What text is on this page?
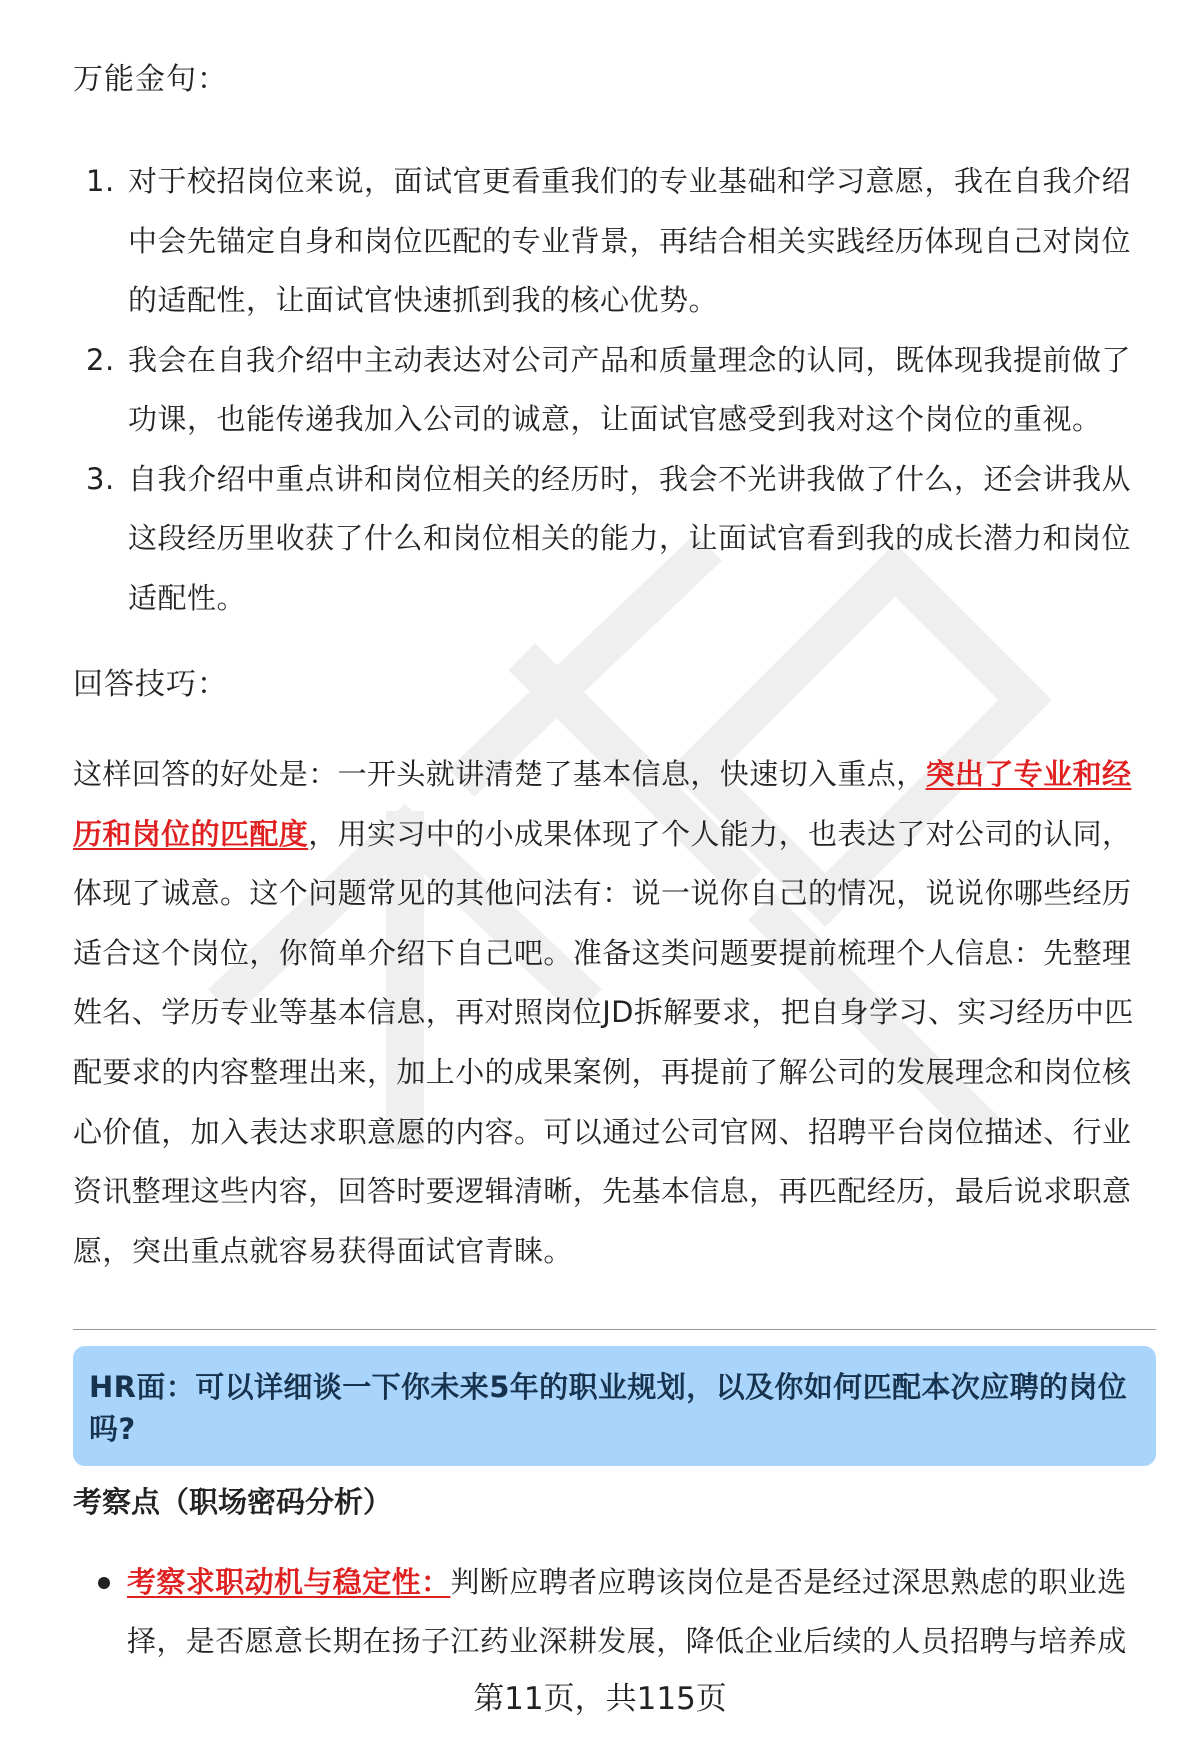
万能金句：
1. 对于校招岗位来说，面试官更看重我们的专业基础和学习意愿，我在自我介绍中会先锚定自身和岗位匹配的专业背景，再结合相关实践经历体现自己对岗位的适配性，让面试官快速抓到我的核心优势。
2. 我会在自我介绍中主动表达对公司产品和质量理念的认同，既体现我提前做了功课，也能传递我加入公司的诚意，让面试官感受到我对这个岗位的重视。
3. 自我介绍中重点讲和岗位相关的经历时，我会不光讲我做了什么，还会讲我从这段经历里收获了什么和岗位相关的能力，让面试官看到我的成长潜力和岗位适配性。
回答技巧：

这样回答的好处是：一开头就讲清楚了基本信息，快速切入重点，突出了专业和经历和岗位的匹配度，用实习中的小成果体现了个人能力，也表达了对公司的认同，体现了诚意。这个问题常见的其他问法有：说一说你自己的情况，说说你哪些经历适合这个岗位，你简单介绍下自己吧。准备这类问题要提前梳理个人信息：先整理姓名、学历专业等基本信息，再对照岗位JD拆解要求，把自身学习、实习经历中匹配要求的内容整理出来，加上小的成果案例，再提前了解公司的发展理念和岗位核心价值，加入表达求职意愿的内容。可以通过公司官网、招聘平台岗位描述、行业资讯整理这些内容，回答时要逻辑清晰，先基本信息，再匹配经历，最后说求职意愿，突出重点就容易获得面试官青睐。

HR面：可以详细谈一下你未来5年的职业规划，以及你如何匹配本次应聘的岗位吗?

考察点（职场密码分析）

考察求职动机与稳定性：判断应聘者应聘该岗位是否是经过深思熟虑的职业选择，是否愿意长期在扬子江药业深耕发展，降低企业后续的人员招聘与培养成

第11页，共115页
